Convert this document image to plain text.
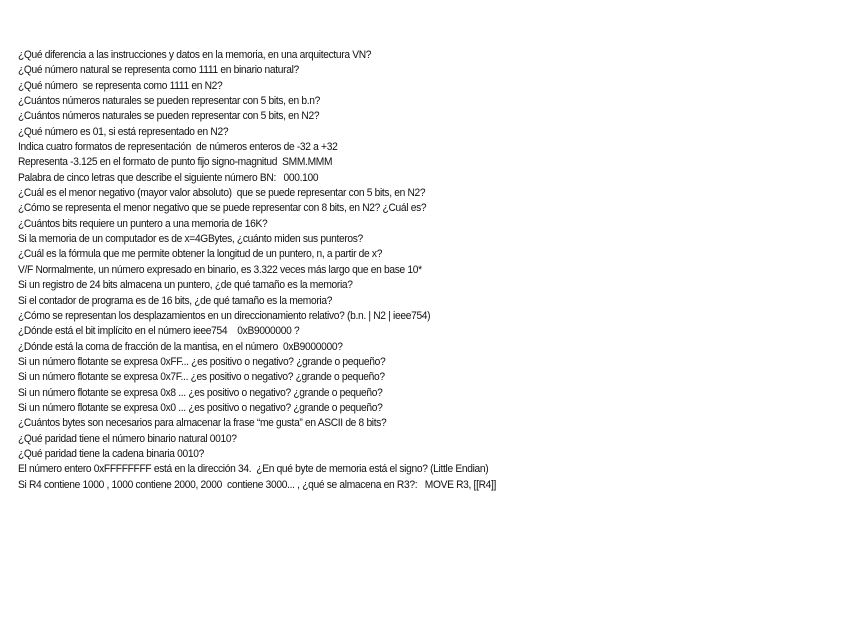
¿Qué diferencia a las instrucciones y datos en la memoria, en una arquitectura VN?
¿Qué número natural se representa como 1111 en binario natural?
¿Qué número  se representa como 1111 en N2?
¿Cuántos números naturales se pueden representar con 5 bits, en b.n?
¿Cuántos números naturales se pueden representar con 5 bits, en N2?
¿Qué número es 01, si está representado en N2?
Indica cuatro formatos de representación  de números enteros de -32 a +32
Representa -3.125 en el formato de punto fijo signo-magnitud  SMM.MMM
Palabra de cinco letras que describe el siguiente número BN:   000.100
¿Cuál es el menor negativo (mayor valor absoluto)  que se puede representar con 5 bits, en N2?
¿Cómo se representa el menor negativo que se puede representar con 8 bits, en N2? ¿Cuál es?
¿Cuántos bits requiere un puntero a una memoria de 16K?
Si la memoria de un computador es de x=4GBytes, ¿cuánto miden sus punteros?
¿Cuál es la fórmula que me permite obtener la longitud de un puntero, n, a partir de x?
V/F Normalmente, un número expresado en binario, es 3.322 veces más largo que en base 10*
Si un registro de 24 bits almacena un puntero, ¿de qué tamaño es la memoria?
Si el contador de programa es de 16 bits, ¿de qué tamaño es la memoria?
¿Cómo se representan los desplazamientos en un direccionamiento relativo? (b.n. | N2 | ieee754)
¿Dónde está el bit implícito en el número ieee754    0xB9000000 ?
¿Dónde está la coma de fracción de la mantisa, en el número  0xB9000000?
Si un número flotante se expresa 0xFF... ¿es positivo o negativo? ¿grande o pequeño?
Si un número flotante se expresa 0x7F... ¿es positivo o negativo? ¿grande o pequeño?
Si un número flotante se expresa 0x8 ... ¿es positivo o negativo? ¿grande o pequeño?
Si un número flotante se expresa 0x0 ... ¿es positivo o negativo? ¿grande o pequeño?
¿Cuántos bytes son necesarios para almacenar la frase “me gusta” en ASCII de 8 bits?
¿Qué paridad tiene el número binario natural 0010?
¿Qué paridad tiene la cadena binaria 0010?
El número entero 0xFFFFFFFF está en la dirección 34.  ¿En qué byte de memoria está el signo? (Little Endian)
Si R4 contiene 1000 , 1000 contiene 2000, 2000  contiene 3000... , ¿qué se almacena en R3?:   MOVE R3, [[R4]]
